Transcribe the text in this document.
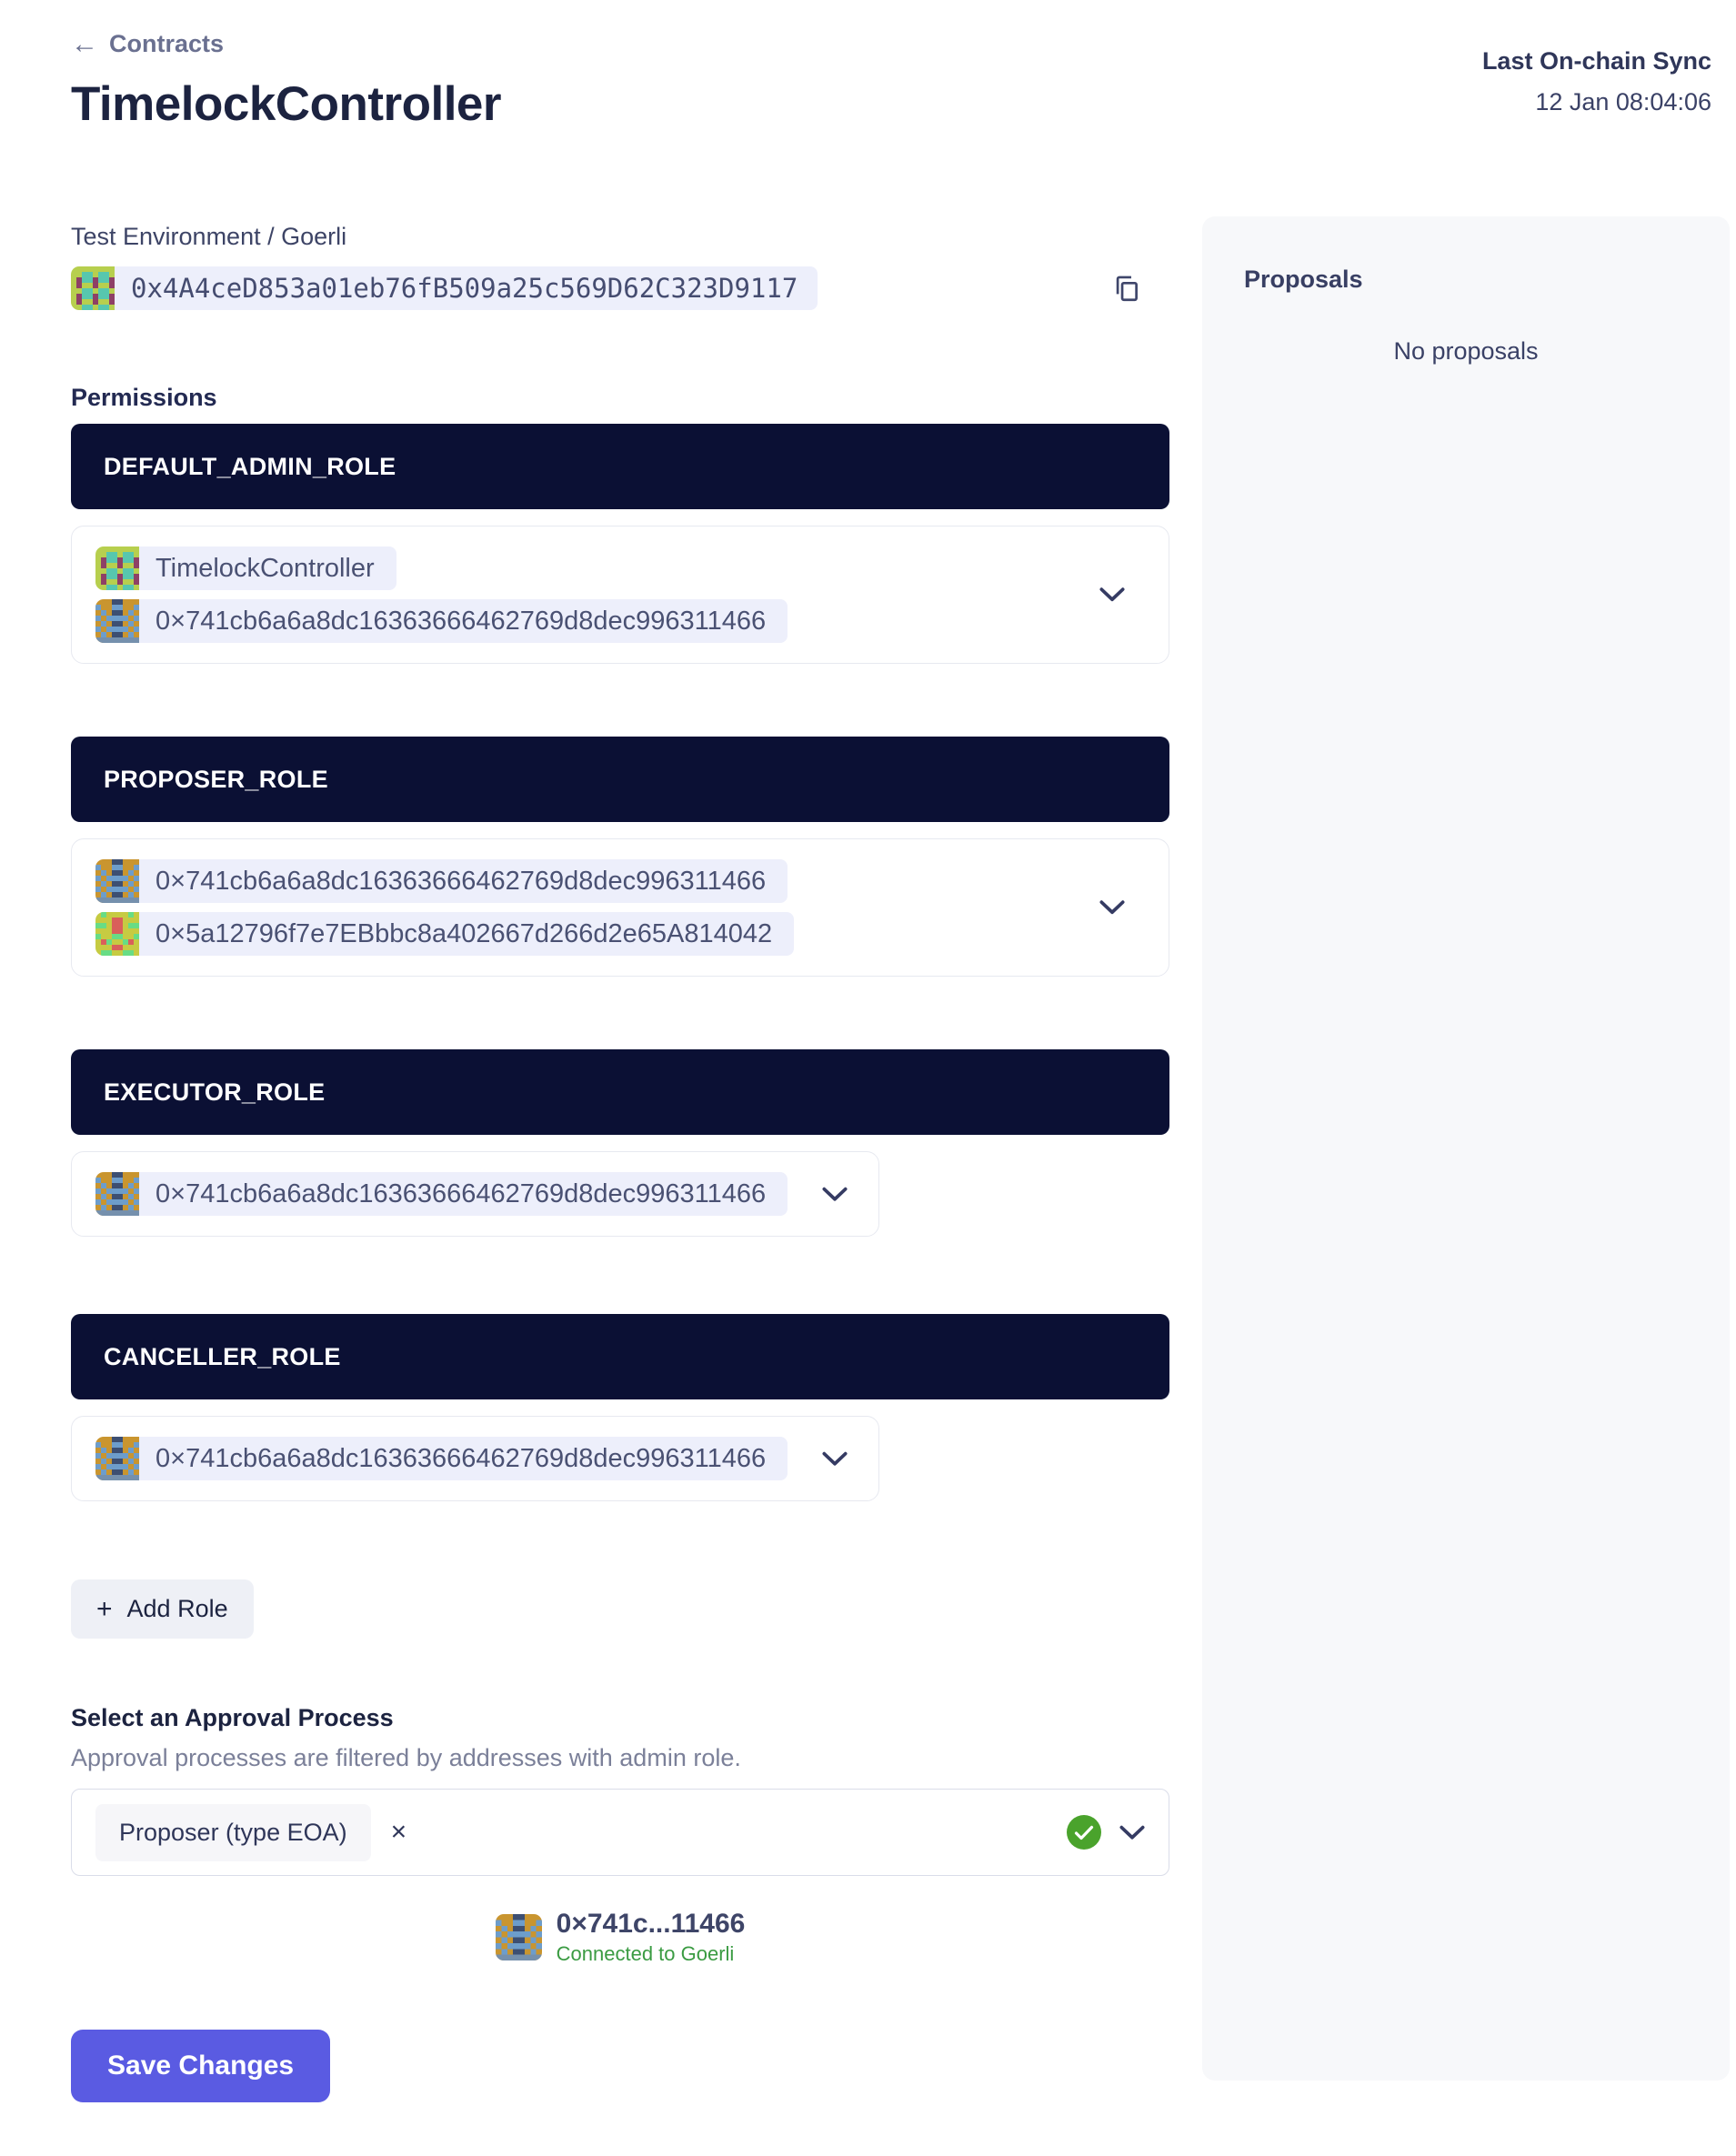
← Contracts
TimelockController
Test Environment / Goerli
0x4A4ceD853a01eb76fB509a25c569D62C323D9117
Permissions
DEFAULT_ADMIN_ROLE
TimelockController
0×741cb6a6a8dc16363666462769d8dec996311466
PROPOSER_ROLE
0×741cb6a6a8dc16363666462769d8dec996311466
0×5a12796f7e7EBbbc8a402667d266d2e65A814042
EXECUTOR_ROLE
0×741cb6a6a8dc16363666462769d8dec996311466
CANCELLER_ROLE
0×741cb6a6a8dc16363666462769d8dec996311466
+ Add Role
Select an Approval Process
Approval processes are filtered by addresses with admin role.
Proposer (type EOA)	×
0×741c...11466
Connected to Goerli
Save Changes
Last On-chain Sync
12 Jan 08:04:06
Proposals
No proposals
